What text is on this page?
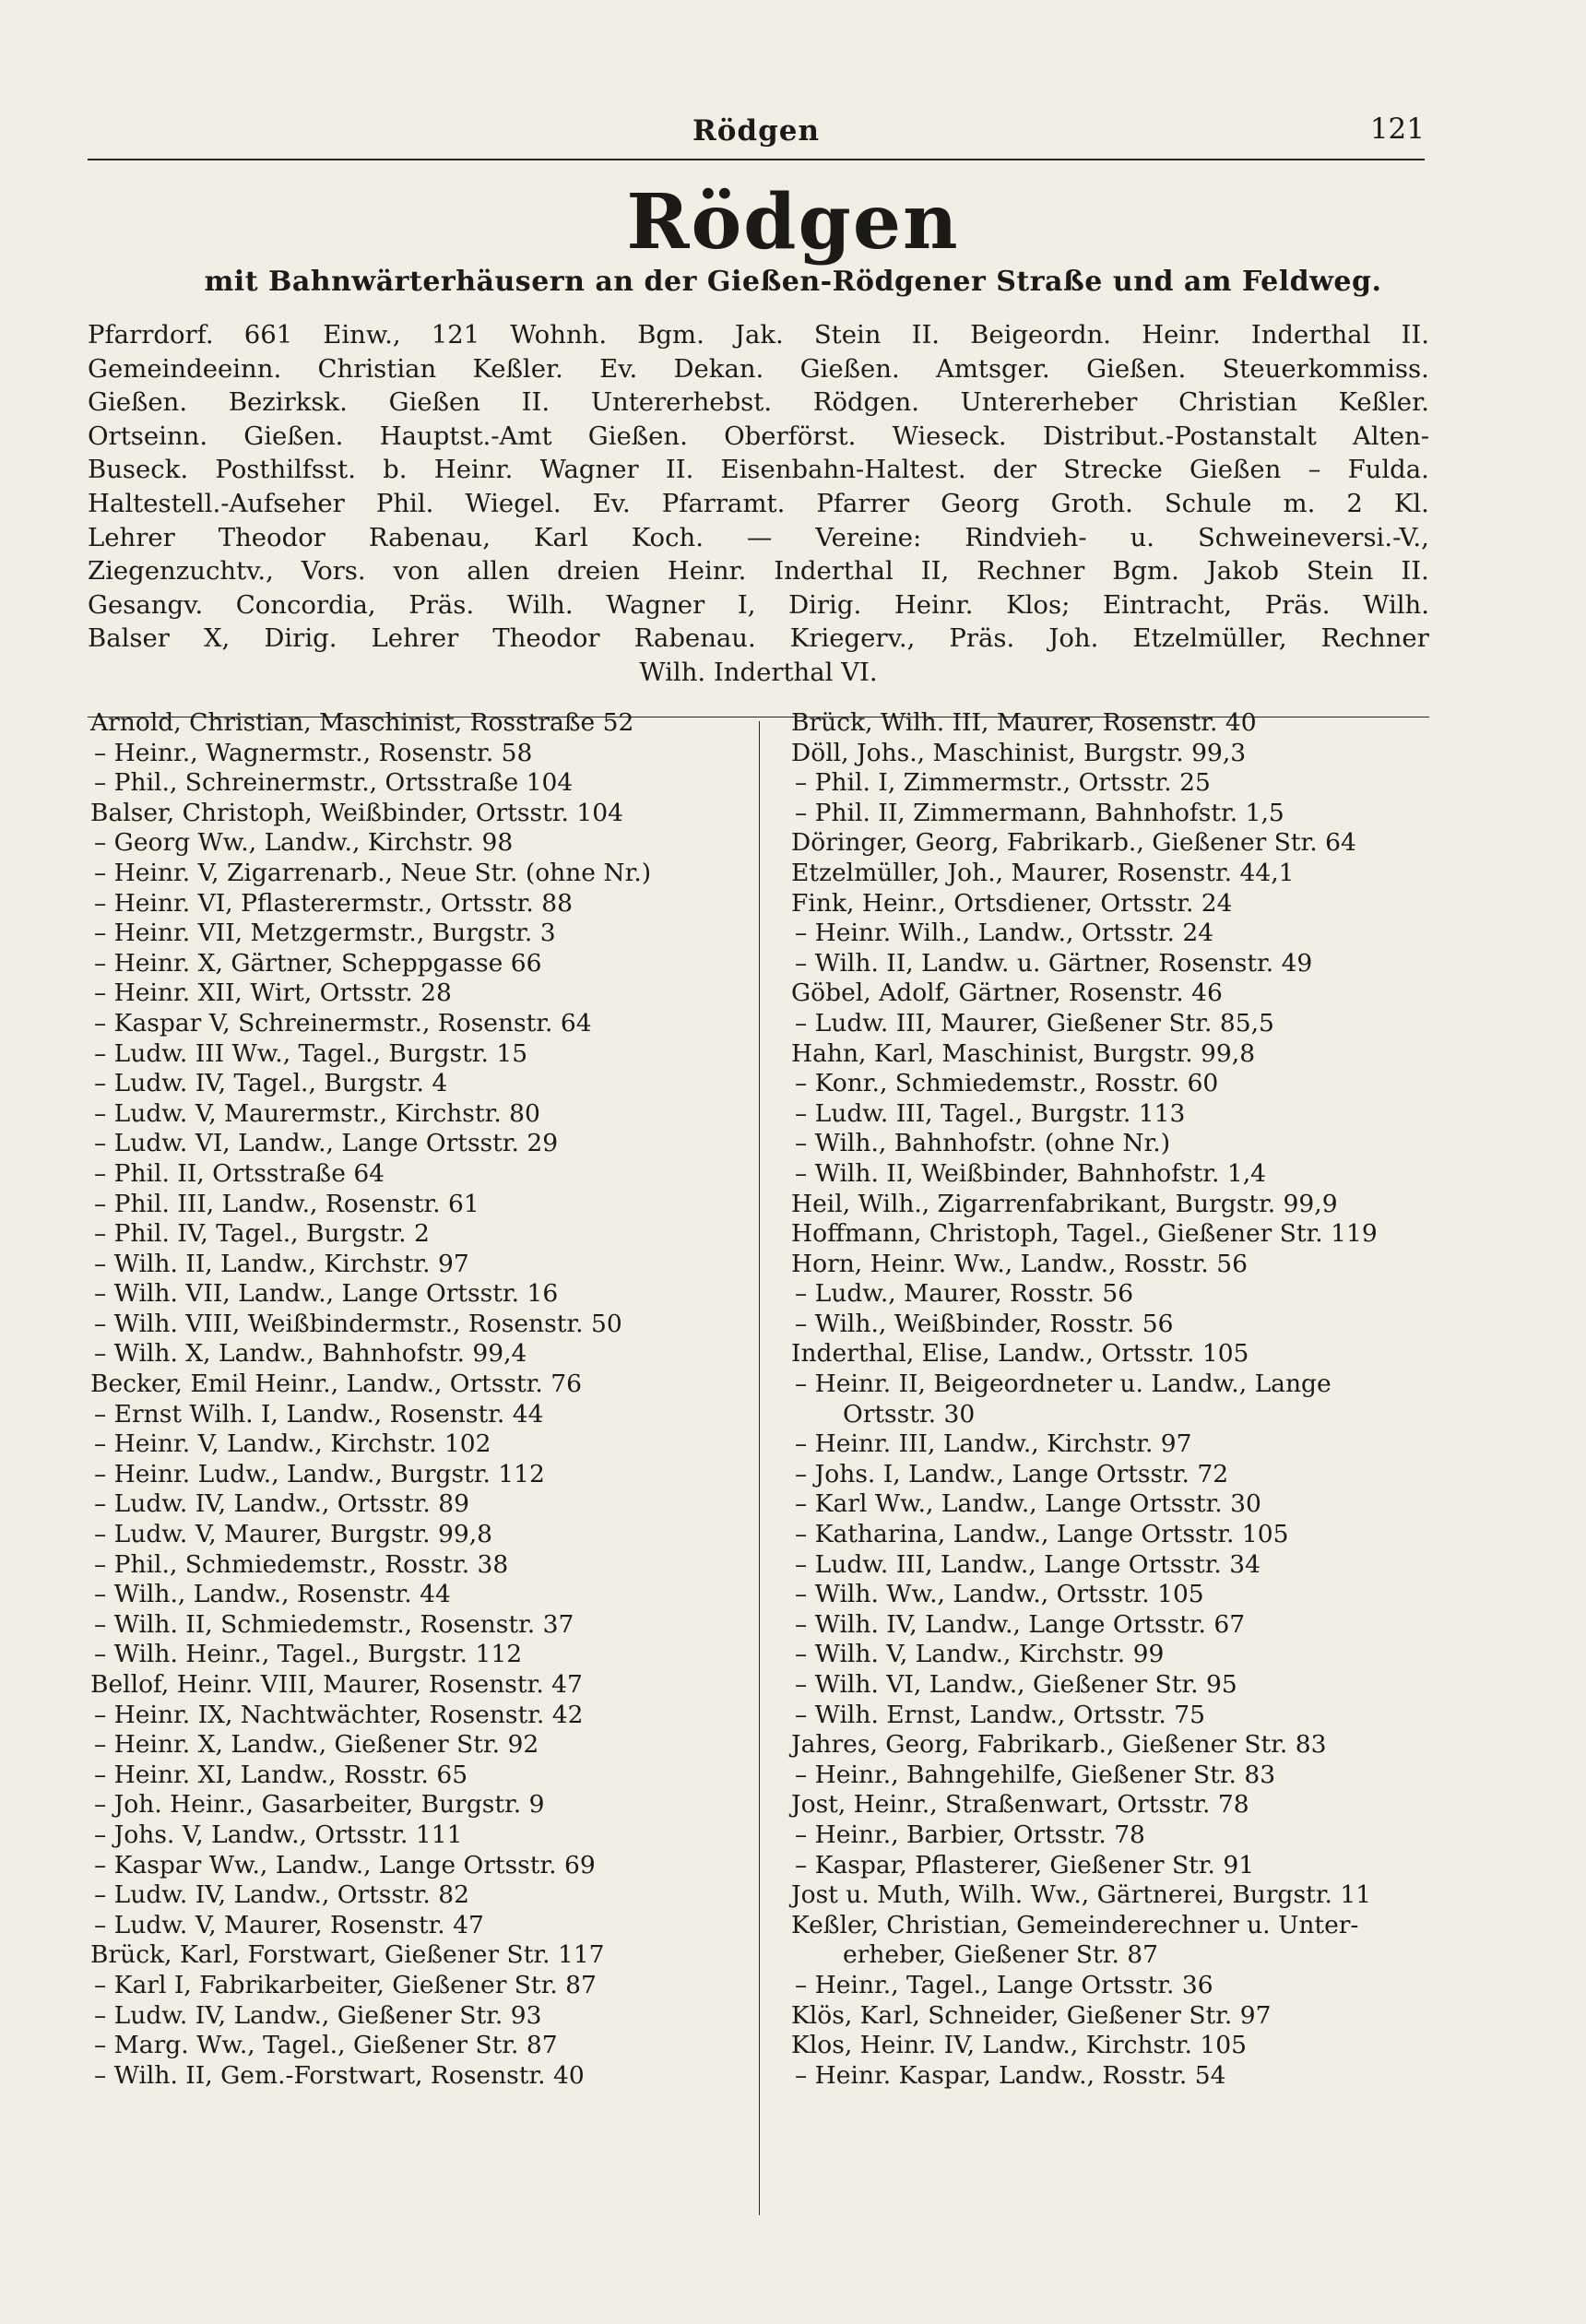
Rödgen	121
Rödgen
mit Bahnwärterhäusern an der Gießen-Rödgener Straße und am Feldweg.
Pfarrdorf. 661 Einw., 121 Wohnh. Bgm. Jak. Stein II. Beigeordn. Heinr. Inderthal II.
Gemeindeeinn. Christian Keßler. Ev. Dekan. Gießen. Amtsger. Gießen. Steuerkommiss.
Gießen. Bezirksk. Gießen II. Untererhebst. Rödgen. Untererheber Christian Keßler.
Ortseinn. Gießen. Hauptst.-Amt Gießen. Oberförst. Wieseck. Distribut.-Postanstalt Alten-
Buseck. Posthilfsst. b. Heinr. Wagner II. Eisenbahn-Haltest. der Strecke Gießen – Fulda.
Haltestell.-Aufseher Phil. Wiegel. Ev. Pfarramt. Pfarrer Georg Groth. Schule m. 2 Kl.
Lehrer Theodor Rabenau, Karl Koch. — Vereine: Rindvieh- u. Schweineversi.-V.,
Ziegenzuchtv., Vors. von allen dreien Heinr. Inderthal II, Rechner Bgm. Jakob Stein II.
Gesangv. Concordia, Präs. Wilh. Wagner I, Dirig. Heinr. Klos; Eintracht, Präs. Wilh.
Balser X, Dirig. Lehrer Theodor Rabenau. Kriegerv., Präs. Joh. Etzelmüller, Rechner
Wilh. Inderthal VI.
Arnold, Christian, Maschinist, Rosstraße 52
– Heinr., Wagnermstr., Rosenstr. 58
– Phil., Schreinermstr., Ortsstraße 104
Balser, Christoph, Weißbinder, Ortsstr. 104
– Georg Ww., Landw., Kirchstr. 98
– Heinr. V, Zigarrenarb., Neue Str. (ohne Nr.)
– Heinr. VI, Pflasterermstr., Ortsstr. 88
– Heinr. VII, Metzgermstr., Burgstr. 3
– Heinr. X, Gärtner, Scheppgasse 66
– Heinr. XII, Wirt, Ortsstr. 28
– Kaspar V, Schreinermstr., Rosenstr. 64
– Ludw. III Ww., Tagel., Burgstr. 15
– Ludw. IV, Tagel., Burgstr. 4
– Ludw. V, Maurermstr., Kirchstr. 80
– Ludw. VI, Landw., Lange Ortsstr. 29
– Phil. II, Ortsstraße 64
– Phil. III, Landw., Rosenstr. 61
– Phil. IV, Tagel., Burgstr. 2
– Wilh. II, Landw., Kirchstr. 97
– Wilh. VII, Landw., Lange Ortsstr. 16
– Wilh. VIII, Weißbindermstr., Rosenstr. 50
– Wilh. X, Landw., Bahnhofstr. 99,4
Becker, Emil Heinr., Landw., Ortsstr. 76
– Ernst Wilh. I, Landw., Rosenstr. 44
– Heinr. V, Landw., Kirchstr. 102
– Heinr. Ludw., Landw., Burgstr. 112
– Ludw. IV, Landw., Ortsstr. 89
– Ludw. V, Maurer, Burgstr. 99,8
– Phil., Schmiedemstr., Rosstr. 38
– Wilh., Landw., Rosenstr. 44
– Wilh. II, Schmiedemstr., Rosenstr. 37
– Wilh. Heinr., Tagel., Burgstr. 112
Bellof, Heinr. VIII, Maurer, Rosenstr. 47
– Heinr. IX, Nachtwächter, Rosenstr. 42
– Heinr. X, Landw., Gießener Str. 92
– Heinr. XI, Landw., Rosstr. 65
– Joh. Heinr., Gasarbeiter, Burgstr. 9
– Johs. V, Landw., Ortsstr. 111
– Kaspar Ww., Landw., Lange Ortsstr. 69
– Ludw. IV, Landw., Ortsstr. 82
– Ludw. V, Maurer, Rosenstr. 47
Brück, Karl, Forstwart, Gießener Str. 117
– Karl I, Fabrikarbeiter, Gießener Str. 87
– Ludw. IV, Landw., Gießener Str. 93
– Marg. Ww., Tagel., Gießener Str. 87
– Wilh. II, Gem.-Forstwart, Rosenstr. 40
Brück, Wilh. III, Maurer, Rosenstr. 40
Döll, Johs., Maschinist, Burgstr. 99,3
– Phil. I, Zimmermstr., Ortsstr. 25
– Phil. II, Zimmermann, Bahnhofstr. 1,5
Döringer, Georg, Fabrikarb., Gießener Str. 64
Etzelmüller, Joh., Maurer, Rosenstr. 44,1
Fink, Heinr., Ortsdiener, Ortsstr. 24
– Heinr. Wilh., Landw., Ortsstr. 24
– Wilh. II, Landw. u. Gärtner, Rosenstr. 49
Göbel, Adolf, Gärtner, Rosenstr. 46
– Ludw. III, Maurer, Gießener Str. 85,5
Hahn, Karl, Maschinist, Burgstr. 99,8
– Konr., Schmiedemstr., Rosstr. 60
– Ludw. III, Tagel., Burgstr. 113
– Wilh., Bahnhofstr. (ohne Nr.)
– Wilh. II, Weißbinder, Bahnhofstr. 1,4
Heil, Wilh., Zigarrenfabrikant, Burgstr. 99,9
Hoffmann, Christoph, Tagel., Gießener Str. 119
Horn, Heinr. Ww., Landw., Rosstr. 56
– Ludw., Maurer, Rosstr. 56
– Wilh., Weißbinder, Rosstr. 56
Inderthal, Elise, Landw., Ortsstr. 105
– Heinr. II, Beigeordneter u. Landw., Lange
Ortsstr. 30
– Heinr. III, Landw., Kirchstr. 97
– Johs. I, Landw., Lange Ortsstr. 72
– Karl Ww., Landw., Lange Ortsstr. 30
– Katharina, Landw., Lange Ortsstr. 105
– Ludw. III, Landw., Lange Ortsstr. 34
– Wilh. Ww., Landw., Ortsstr. 105
– Wilh. IV, Landw., Lange Ortsstr. 67
– Wilh. V, Landw., Kirchstr. 99
– Wilh. VI, Landw., Gießener Str. 95
– Wilh. Ernst, Landw., Ortsstr. 75
Jahres, Georg, Fabrikarb., Gießener Str. 83
– Heinr., Bahngehilfe, Gießener Str. 83
Jost, Heinr., Straßenwart, Ortsstr. 78
– Heinr., Barbier, Ortsstr. 78
– Kaspar, Pflasterer, Gießener Str. 91
Jost u. Muth, Wilh. Ww., Gärtnerei, Burgstr. 11
Keßler, Christian, Gemeinderechner u. Unter-
erheber, Gießener Str. 87
– Heinr., Tagel., Lange Ortsstr. 36
Klös, Karl, Schneider, Gießener Str. 97
Klos, Heinr. IV, Landw., Kirchstr. 105
– Heinr. Kaspar, Landw., Rosstr. 54
